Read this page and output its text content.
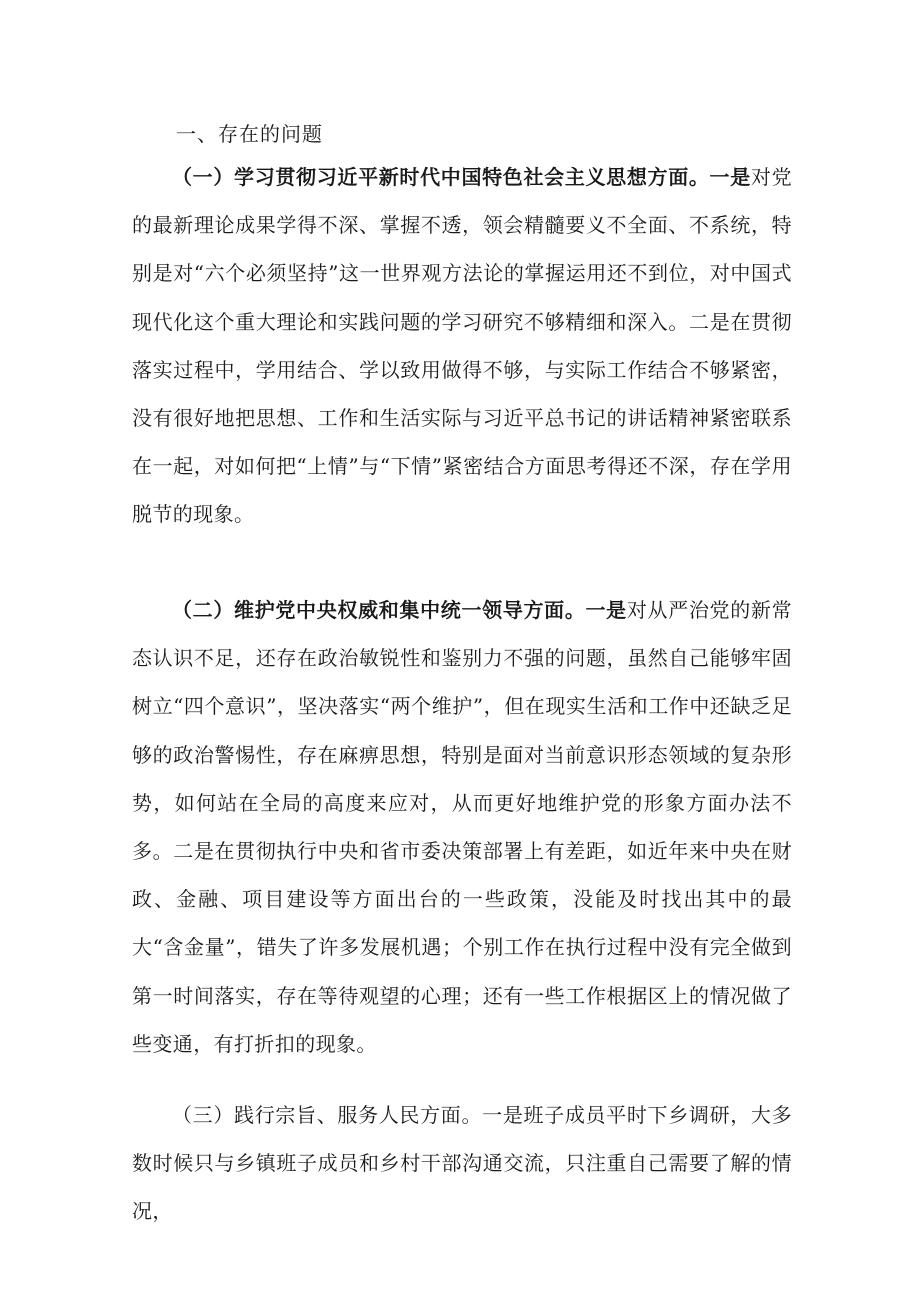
一、存在的问题

（一）学习贯彻习近平新时代中国特色社会主义思想方面。一是对党的最新理论成果学得不深、掌握不透，领会精髓要义不全面、不系统，特别是对“六个必须坚持”这一世界观方法论的掌握运用还不到位，对中国式现代化这个重大理论和实践问题的学习研究不够精细和深入。二是在贯彻落实过程中，学用结合、学以致用做得不够，与实际工作结合不够紧密，没有很好地把思想、工作和生活实际与习近平总书记的讲话精神紧密联系在一起，对如何把“上情”与“下情”紧密结合方面思考得还不深，存在学用脱节的现象。

（二）维护党中央权威和集中统一领导方面。一是对从严治党的新常态认识不足，还存在政治敏锐性和鉴别力不强的问题，虽然自己能够牢固树立“四个意识”，坚决落实“两个维护”，但在现实生活和工作中还缺乏足够的政治警惕性，存在麻痹思想，特别是面对当前意识形态领域的复杂形势，如何站在全局的高度来应对，从而更好地维护党的形象方面办法不多。二是在贯彻执行中央和省市委决策部署上有差距，如近年来中央在财政、金融、项目建设等方面出台的一些政策，没能及时找出其中的最大“含金量”，错失了许多发展机遇；个别工作在执行过程中没有完全做到第一时间落实，存在等待观望的心理；还有一些工作根据区上的情况做了些变通，有打折扣的现象。

（三）践行宗旨、服务人民方面。一是班子成员平时下乡调研，大多数时候只与乡镇班子成员和乡村干部沟通交流，只注重自己需要了解的情况，
